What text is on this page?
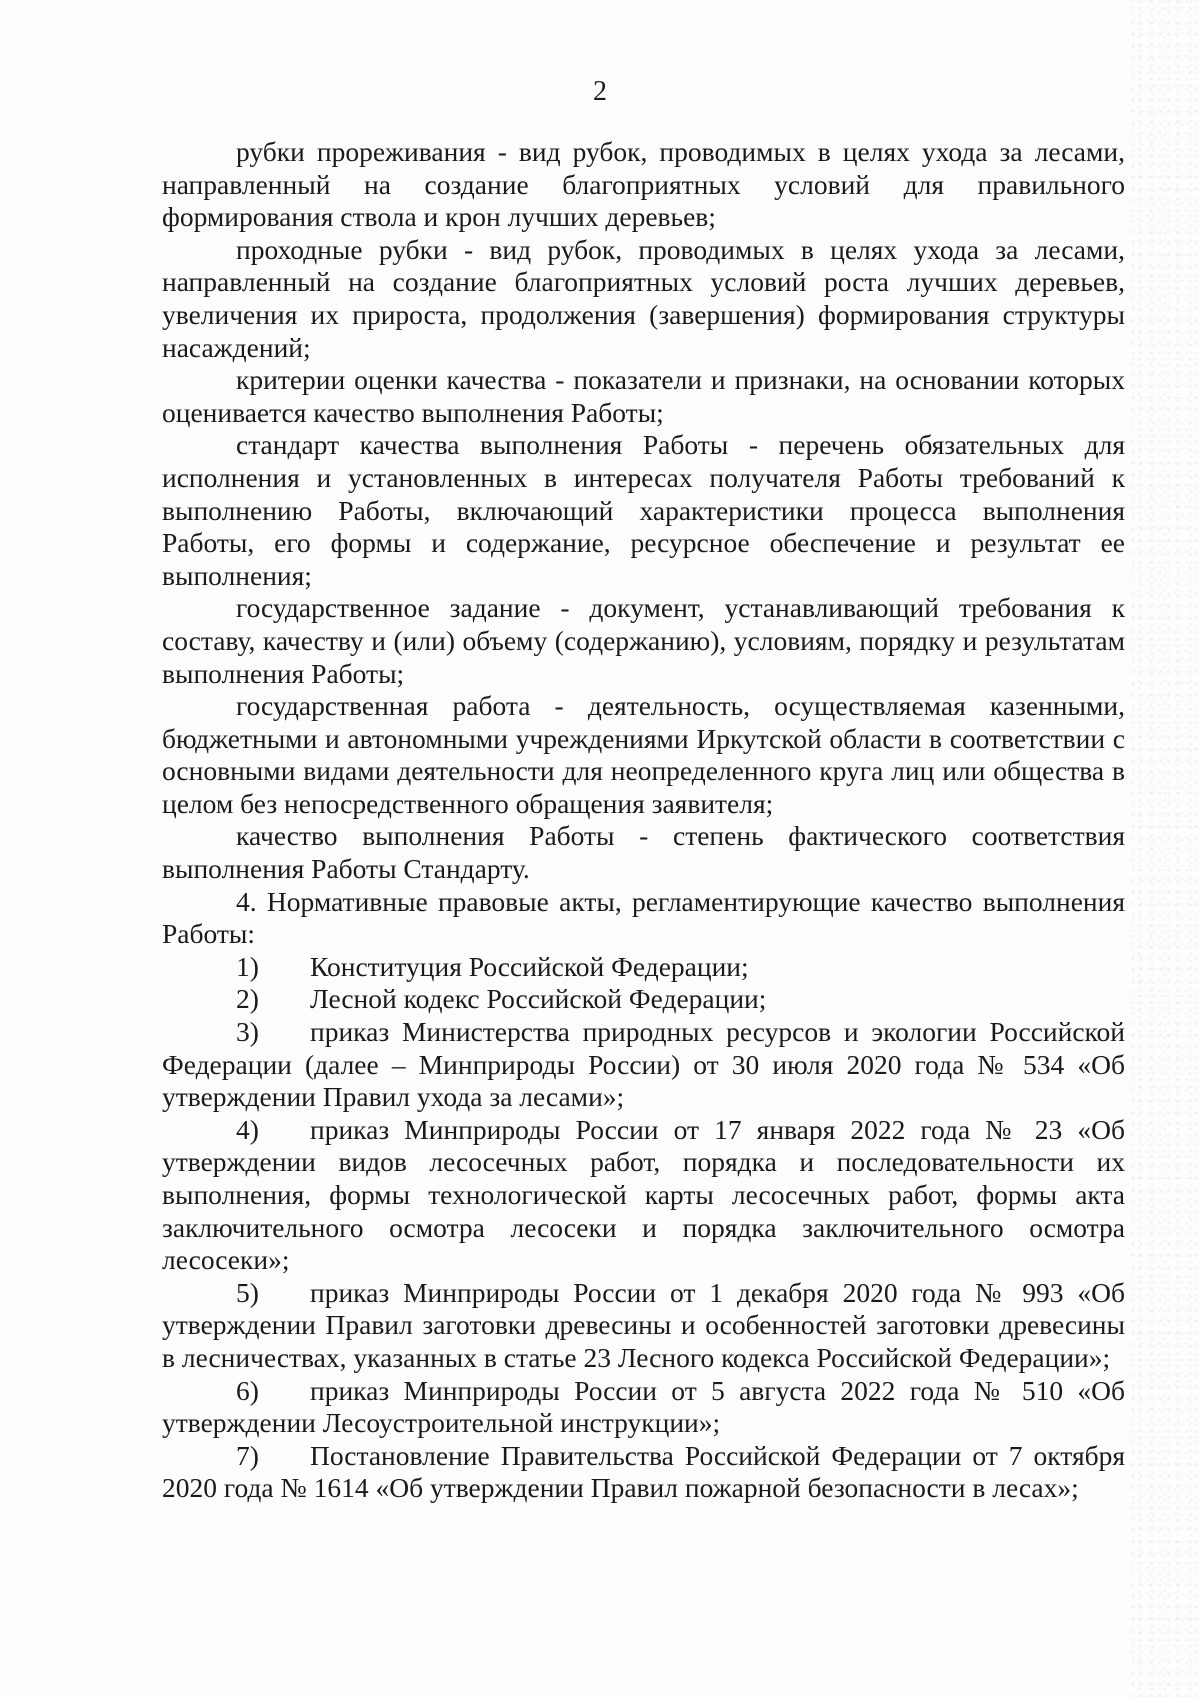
2

рубки прореживания - вид рубок, проводимых в целях ухода за лесами, направленный на создание благоприятных условий для правильного формирования ствола и крон лучших деревьев;

проходные рубки - вид рубок, проводимых в целях ухода за лесами, направленный на создание благоприятных условий роста лучших деревьев, увеличения их прироста, продолжения (завершения) формирования структуры насаждений;

критерии оценки качества - показатели и признаки, на основании которых оценивается качество выполнения Работы;

стандарт качества выполнения Работы - перечень обязательных для исполнения и установленных в интересах получателя Работы требований к выполнению Работы, включающий характеристики процесса выполнения Работы, его формы и содержание, ресурсное обеспечение и результат ее выполнения;

государственное задание - документ, устанавливающий требования к составу, качеству и (или) объему (содержанию), условиям, порядку и результатам выполнения Работы;

государственная работа - деятельность, осуществляемая казенными, бюджетными и автономными учреждениями Иркутской области в соответствии с основными видами деятельности для неопределенного круга лиц или общества в целом без непосредственного обращения заявителя;

качество выполнения Работы - степень фактического соответствия выполнения Работы Стандарту.

4. Нормативные правовые акты, регламентирующие качество выполнения Работы:

1) Конституция Российской Федерации;

2) Лесной кодекс Российской Федерации;

3) приказ Министерства природных ресурсов и экологии Российской Федерации (далее – Минприроды России) от 30 июля 2020 года № 534 «Об утверждении Правил ухода за лесами»;

4) приказ Минприроды России от 17 января 2022 года № 23 «Об утверждении видов лесосечных работ, порядка и последовательности их выполнения, формы технологической карты лесосечных работ, формы акта заключительного осмотра лесосеки и порядка заключительного осмотра лесосеки»;

5) приказ Минприроды России от 1 декабря 2020 года № 993 «Об утверждении Правил заготовки древесины и особенностей заготовки древесины в лесничествах, указанных в статье 23 Лесного кодекса Российской Федерации»;

6) приказ Минприроды России от 5 августа 2022 года № 510 «Об утверждении Лесоустроительной инструкции»;

7) Постановление Правительства Российской Федерации от 7 октября 2020 года № 1614 «Об утверждении Правил пожарной безопасности в лесах»;
